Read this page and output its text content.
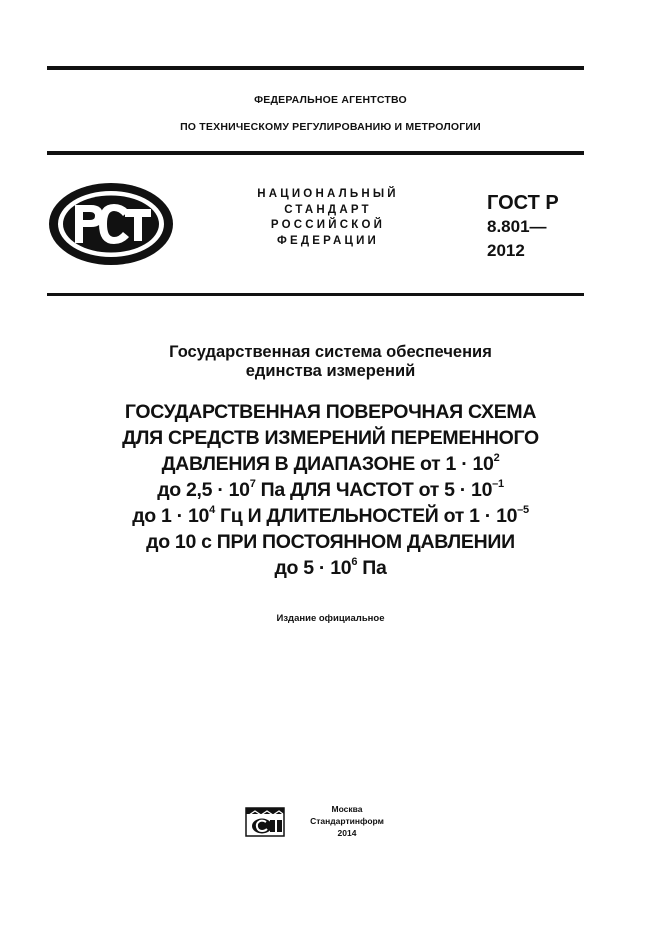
ФЕДЕРАЛЬНОЕ АГЕНТСТВО
ПО ТЕХНИЧЕСКОМУ РЕГУЛИРОВАНИЮ И МЕТРОЛОГИИ
НАЦИОНАЛЬНЫЙ
СТАНДАРТ
РОССИЙСКОЙ
ФЕДЕРАЦИИ
ГОСТ Р
8.801—
2012
Государственная система обеспечения
единства измерений
ГОСУДАРСТВЕННАЯ ПОВЕРОЧНАЯ СХЕМА
ДЛЯ СРЕДСТВ ИЗМЕРЕНИЙ ПЕРЕМЕННОГО
ДАВЛЕНИЯ В ДИАПАЗОНЕ от $1 \cdot 10^2$
до $2,5 \cdot 10^7$ Па ДЛЯ ЧАСТОТ от $5 \cdot 10^{-1}$
до $1 \cdot 10^4$ Гц И ДЛИТЕЛЬНОСТЕЙ от $1 \cdot 10^{-5}$
до 10 с ПРИ ПОСТОЯННОМ ДАВЛЕНИИ
до $5 \cdot 10^6$ Па
Издание официальное
Москва
Стандартинформ
2014
